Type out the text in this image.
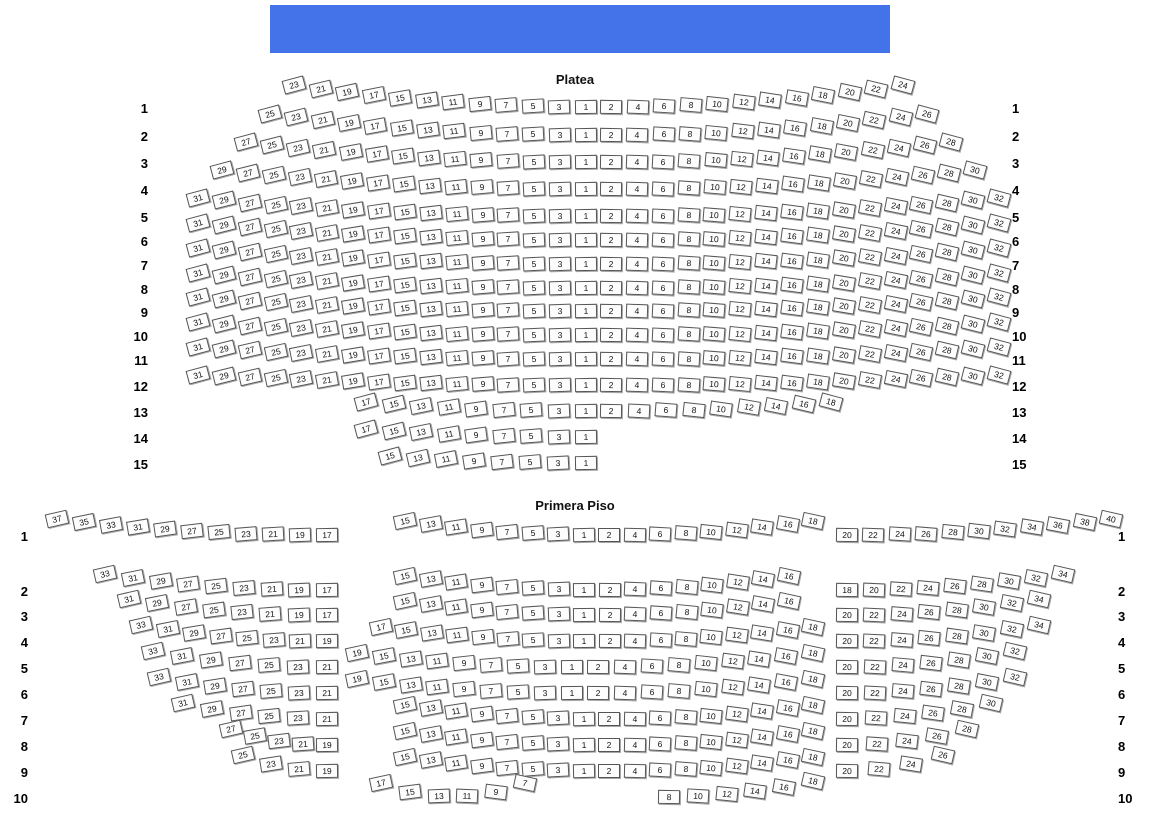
Platea
Primera Piso
23	21	19	17	15	13	11	9	7	5	3	1	2	4	6	8	10	12	14	16	18	20	22	24
1	1
25	23	21	19	17	15	13	11	9	7	5	3	1	2	4	6	8	10	12	14	16	18	20	22	24	26
2	2
27	25	23	21	19	17	15	13	11	9	7	5	3	1	2	4	6	8	10	12	14	16	18	20	22	24	26	28
3	3
29	27	25	23	21	19	17	15	13	11	9	7	5	3	1	2	4	6	8	10	12	14	16	18	20	22	24	26	28	30
4	4
31	29	27	25	23	21	19	17	15	13	11	9	7	5	3	1	2	4	6	8	10	12	14	16	18	20	22	24	26	28	30	32
5	5
31	29	27	25	23	21	19	17	15	13	11	9	7	5	3	1	2	4	6	8	10	12	14	16	18	20	22	24	26	28	30	32
6	6
31	29	27	25	23	21	19	17	15	13	11	9	7	5	3	1	2	4	6	8	10	12	14	16	18	20	22	24	26	28	30	32
7	7
31	29	27	25	23	21	19	17	15	13	11	9	7	5	3	1	2	4	6	8	10	12	14	16	18	20	22	24	26	28	30	32
8	8
31	29	27	25	23	21	19	17	15	13	11	9	7	5	3	1	2	4	6	8	10	12	14	16	18	20	22	24	26	28	30	32
9	9
31	29	27	25	23	21	19	17	15	13	11	9	7	5	3	1	2	4	6	8	10	12	14	16	18	20	22	24	26	28	30	32
10	10
31	29	27	25	23	21	19	17	15	13	11	9	7	5	3	1	2	4	6	8	10	12	14	16	18	20	22	24	26	28	30	32
11	11
31	29	27	25	23	21	19	17	15	13	11	9	7	5	3	1	2	4	6	8	10	12	14	16	18	20	22	24	26	28	30	32
12	12
17	15	13	11	9	7	5	3	1	2	4	6	8	10	12	14	16	18
13	13
17	15	13	11	9	7	5	3	1
14	14
15	13	11	9	7	5	3	1
15	15
37	35	33	31	29	27	25	23	21	19	17
15	13	11	9	7	5	3	1	2	4	6	8	10	12	14	16	18
20	22	24	26	28	30	32	34	36	38	40
1	1
33	31	29	27	25	23	21	19	17
15	13	11	9	7	5	3	1	2	4	6	8	10	12	14	16
18	20	22	24	26	28	30	32	34
2	2
31	29	27	25	23	21	19	17
15	13	11	9	7	5	3	1	2	4	6	8	10	12	14	16
20	22	24	26	28	30	32	34
3	3
33	31	29	27	25	23	21	19
17	15	13	11	9	7	5	3	1	2	4	6	8	10	12	14	16	18
20	22	24	26	28	30	32	34
4	4
33	31	29	27	25	23	21
19	15	13	11	9	7	5	3	1	2	4	6	8	10	12	14	16	18
20	22	24	26	28	30	32
5	5
33	31	29	27	25	23	21
19	15	13	11	9	7	5	3	1	2	4	6	8	10	12	14	16	18
20	22	24	26	28	30	32
6	6
31	29	27	25	23	21
15	13	11	9	7	5	3	1	2	4	6	8	10	12	14	16	18
20	22	24	26	28	30
7	7
27
25	23	21	19
15	13	11	9	7	5	3	1	2	4	6	8	10	12	14	16	18
20	22	24	26
28
8	8
25
23	21	19
15	13	11	9	7	5	3	1	2	4	6	8	10	12	14	16	18
20	22	24
26
9	9
17
15	13	11	9
7
8	10	12	14	16	18
10	10
